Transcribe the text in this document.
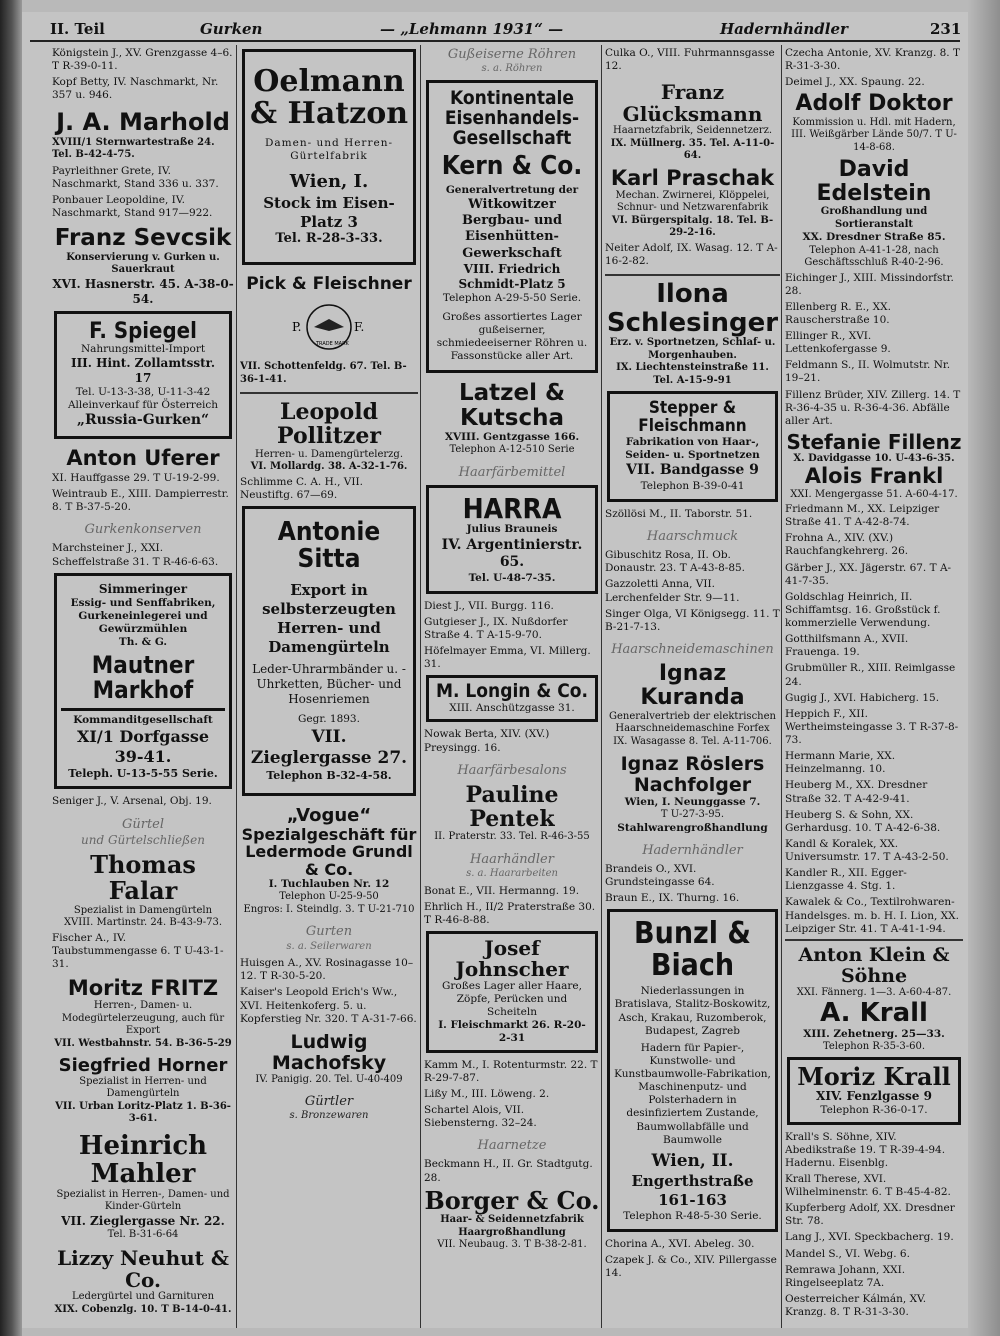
II. Teil	Gurken	— „Lehmann 1931“ —	Hadernhändler	231

Königstein J., XV. Grenzgasse 4–6. T R-39-0-11.

Kopf Betty, IV. Naschmarkt, Nr. 357 u. 946.

J. A. Marhold

XVIII/1 Sternwartestraße 24. Tel. B-42-4-75.

Payrleithner Grete, IV. Naschmarkt, Stand 336 u. 337.

Ponbauer Leopoldine, IV. Naschmarkt, Stand 917—922.

Franz Sevcsik

Konservierung v. Gurken u. Sauerkraut

XVI. Hasnerstr. 45. A-38-0-54.

F. Spiegel
Nahrungsmittel-Import
III. Hint. Zollamtsstr. 17
Tel. U-13-3-38, U-11-3-42
Alleinverkauf für Österreich
„Russia-Gurken“
Anton Uferer

XI. Hauffgasse 29. T U-19-2-99.

Weintraub E., XIII. Dampierrestr. 8. T B-37-5-20.

Gurkenkonserven

Marchsteiner J., XXI. Scheffelstraße 31. T R-46-6-63.

Simmeringer
Essig- und Senffabriken, Gurkeneinlegerei und Gewürzmühlen
Th. & G.
Mautner Markhof
Kommanditgesellschaft
XI/1 Dorfgasse 39-41.
Teleph. U-13-5-55 Serie.

Seniger J., V. Arsenal, Obj. 19.

Gürtel
und Gürtelschließen
Thomas Falar

Spezialist in Damengürteln

XVIII. Martinstr. 24. B-43-9-73.

Fischer A., IV. Taubstummengasse 6. T U-43-1-31.

Moritz FRITZ

Herren-, Damen- u. Modegürtelerzeugung, auch für Export

VII. Westbahnstr. 54. B-36-5-29

Siegfried Horner

Spezialist in Herren- und Damengürteln

VII. Urban Loritz-Platz 1. B-36-3-61.

Heinrich Mahler

Spezialist in Herren-, Damen- und Kinder-Gürteln

VII. Zieglergasse Nr. 22.

Tel. B-31-6-64

Lizzy Neuhut & Co.

Ledergürtel und Garnituren

XIX. Cobenzlg. 10. T B-14-0-41.

Oelmann
& Hatzon
Damen- und Herren-Gürtelfabrik
Wien, I.
Stock im Eisen-Platz 3
Tel. R-28-3-33.
Pick & Fleischner
P.	F.
TRADE MARK

VII. Schottenfeldg. 67. Tel. B-36-1-41.

Leopold Pollitzer

Herren- u. Damengürtelerzg.

VI. Mollardg. 38. A-32-1-76.

Schlimme C. A. H., VII. Neustiftg. 67—69.

Antonie Sitta
Export in selbsterzeugten Herren- und Damengürteln
Leder-Uhrarmbänder u. -Uhrketten, Bücher- und Hosenriemen
Gegr. 1893.
VII. Zieglergasse 27.
Telephon B-32-4-58.
„Vogue“
Spezialgeschäft für
Ledermode Grundl & Co.

I. Tuchlauben Nr. 12

Telephon U-25-9-50

Engros: I. Steindlg. 3. T U-21-710

Gurten
s. a. Seilerwaren

Huisgen A., XV. Rosinagasse 10–12. T R-30-5-20.

Kaiser's Leopold Erich's Ww., XVI. Heitenkoferg. 5. u. Kopferstieg Nr. 320. T A-31-7-66.

Ludwig Machofsky

IV. Panigig. 20. Tel. U-40-409

Gürtler
s. Bronzewaren
Gußeiserne Röhren
s. a. Röhren
Kontinentale Eisenhandels-Gesellschaft
Kern & Co.
Generalvertretung der
Witkowitzer Bergbau- und Eisenhütten-Gewerkschaft
VIII. Friedrich Schmidt-Platz 5
Telephon A-29-5-50 Serie.
Großes assortiertes Lager gußeiserner, schmiedeeiserner Röhren u. Fassonstücke aller Art.
Latzel & Kutscha

XVIII. Gentzgasse 166.

Telephon A-12-510 Serie

Haarfärbemittel
HARRA
Julius Brauneis
IV. Argentinierstr. 65.
Tel. U-48-7-35.

Diest J., VII. Burgg. 116.

Gutgieser J., IX. Nußdorfer Straße 4. T A-15-9-70.

Höfelmayer Emma, VI. Millerg. 31.

M. Longin & Co.
XIII. Anschützgasse 31.

Nowak Berta, XIV. (XV.) Preysingg. 16.

Haarfärbesalons
Pauline Pentek

II. Praterstr. 33. Tel. R-46-3-55

Haarhändler
s. a. Haararbeiten

Bonat E., VII. Hermanng. 19.

Ehrlich H., II/2 Praterstraße 30. T R-46-8-88.

Josef Johnscher
Großes Lager aller Haare, Zöpfe, Perücken und Scheiteln
I. Fleischmarkt 26. R-20-2-31

Kamm M., I. Rotenturmstr. 22. T R-29-7-87.

Lißy M., III. Löweng. 2.

Schartel Alois, VII. Siebensterng. 32–24.

Haarnetze

Beckmann H., II. Gr. Stadtgutg. 28.

Borger & Co.

Haar- & Seidennetzfabrik

Haargroßhandlung

VII. Neubaug. 3. T B-38-2-81.

Culka O., VIII. Fuhrmannsgasse 12.

Franz Glücksmann

Haarnetzfabrik, Seidennetzerz.

IX. Müllnerg. 35. Tel. A-11-0-64.

Karl Praschak

Mechan. Zwirnerei, Klöppelei, Schnur- und Netzwarenfabrik

VI. Bürgerspitalg. 18. Tel. B-29-2-16.

Neiter Adolf, IX. Wasag. 12. T A-16-2-82.

Ilona Schlesinger

Erz. v. Sportnetzen, Schlaf- u. Morgenhauben.

IX. Liechtensteinstraße 11. Tel. A-15-9-91

Stepper & Fleischmann
Fabrikation von Haar-, Seiden- u. Sportnetzen
VII. Bandgasse 9
Telephon B-39-0-41

Szöllösi M., II. Taborstr. 51.

Haarschmuck

Gibuschitz Rosa, II. Ob. Donaustr. 23. T A-43-8-85.

Gazzoletti Anna, VII. Lerchenfelder Str. 9—11.

Singer Olga, VI Königsegg. 11. T B-21-7-13.

Haarschneidemaschinen
Ignaz Kuranda

Generalvertrieb der elektrischen Haarschneidemaschine Forfex

IX. Wasagasse 8. Tel. A-11-706.

Ignaz Röslers Nachfolger

Wien, I. Neunggasse 7.

T U-27-3-95.

Stahlwarengroßhandlung

Hadernhändler

Brandeis O., XVI. Grundsteingasse 64.

Braun E., IX. Thurng. 16.

Bunzl & Biach
Niederlassungen in Bratislava, Stalitz-Boskowitz, Asch, Krakau, Ruzomberok, Budapest, Zagreb
Hadern für Papier-, Kunstwolle- und Kunstbaumwolle-Fabrikation, Maschinenputz- und Polsterhadern in desinfiziertem Zustande, Baumwollabfälle und Baumwolle
Wien, II.
Engerthstraße 161-163
Telephon R-48-5-30 Serie.

Chorina A., XVI. Abeleg. 30.

Czapek J. & Co., XIV. Pillergasse 14.

Czecha Antonie, XV. Kranzg. 8. T R-31-3-30.

Deimel J., XX. Spaung. 22.

Adolf Doktor

Kommission u. Hdl. mit Hadern, III. Weißgärber Lände 50/7. T U-14-8-68.

David Edelstein

Großhandlung und Sortieranstalt

XX. Dresdner Straße 85.

Telephon A-41-1-28, nach Geschäftsschluß R-40-2-96.

Eichinger J., XIII. Missindorfstr. 28.

Ellenberg R. E., XX. Rauscherstraße 10.

Ellinger R., XVI. Lettenkofergasse 9.

Feldmann S., II. Wolmutstr. Nr. 19–21.

Fillenz Brüder, XIV. Zillerg. 14. T R-36-4-35 u. R-36-4-36. Abfälle aller Art.

Stefanie Fillenz

X. Davidgasse 10. U-43-6-35.

Alois Frankl

XXI. Mengergasse 51. A-60-4-17.

Friedmann M., XX. Leipziger Straße 41. T A-42-8-74.

Frohna A., XIV. (XV.) Rauchfangkehrerg. 26.

Gärber J., XX. Jägerstr. 67. T A-41-7-35.

Goldschlag Heinrich, II. Schiffamtsg. 16. Großstück f. kommerzielle Verwendung.

Gotthilfsmann A., XVII. Frauenga. 19.

Grubmüller R., XIII. Reimlgasse 24.

Gugig J., XVI. Habicherg. 15.

Heppich F., XII. Wertheimsteingasse 3. T R-37-8-73.

Hermann Marie, XX. Heinzelmanng. 10.

Heuberg M., XX. Dresdner Straße 32. T A-42-9-41.

Heuberg S. & Sohn, XX. Gerhardusg. 10. T A-42-6-38.

Kandl & Koralek, XX. Universumstr. 17. T A-43-2-50.

Kandler R., XII. Egger-Lienzgasse 4. Stg. 1.

Kawalek & Co., Textilrohwaren-Handelsges. m. b. H. I. Lion, XX. Leipziger Str. 41. T A-41-1-94.

Anton Klein & Söhne

XXI. Fännerg. 1—3. A-60-4-87.

A. Krall

XIII. Zehetnerg. 25—33.

Telephon R-35-3-60.

Moriz Krall
XIV. Fenzlgasse 9
Telephon R-36-0-17.

Krall's S. Söhne, XIV. Abedikstraße 19. T R-39-4-94. Hadernu. Eisenblg.

Krall Therese, XVI. Wilhelminenstr. 6. T B-45-4-82.

Kupferberg Adolf, XX. Dresdner Str. 78.

Lang J., XVI. Speckbacherg. 19.

Mandel S., VI. Webg. 6.

Remrawa Johann, XXI. Ringelseeplatz 7A.

Oesterreicher Kálmán, XV. Kranzg. 8. T R-31-3-30.
